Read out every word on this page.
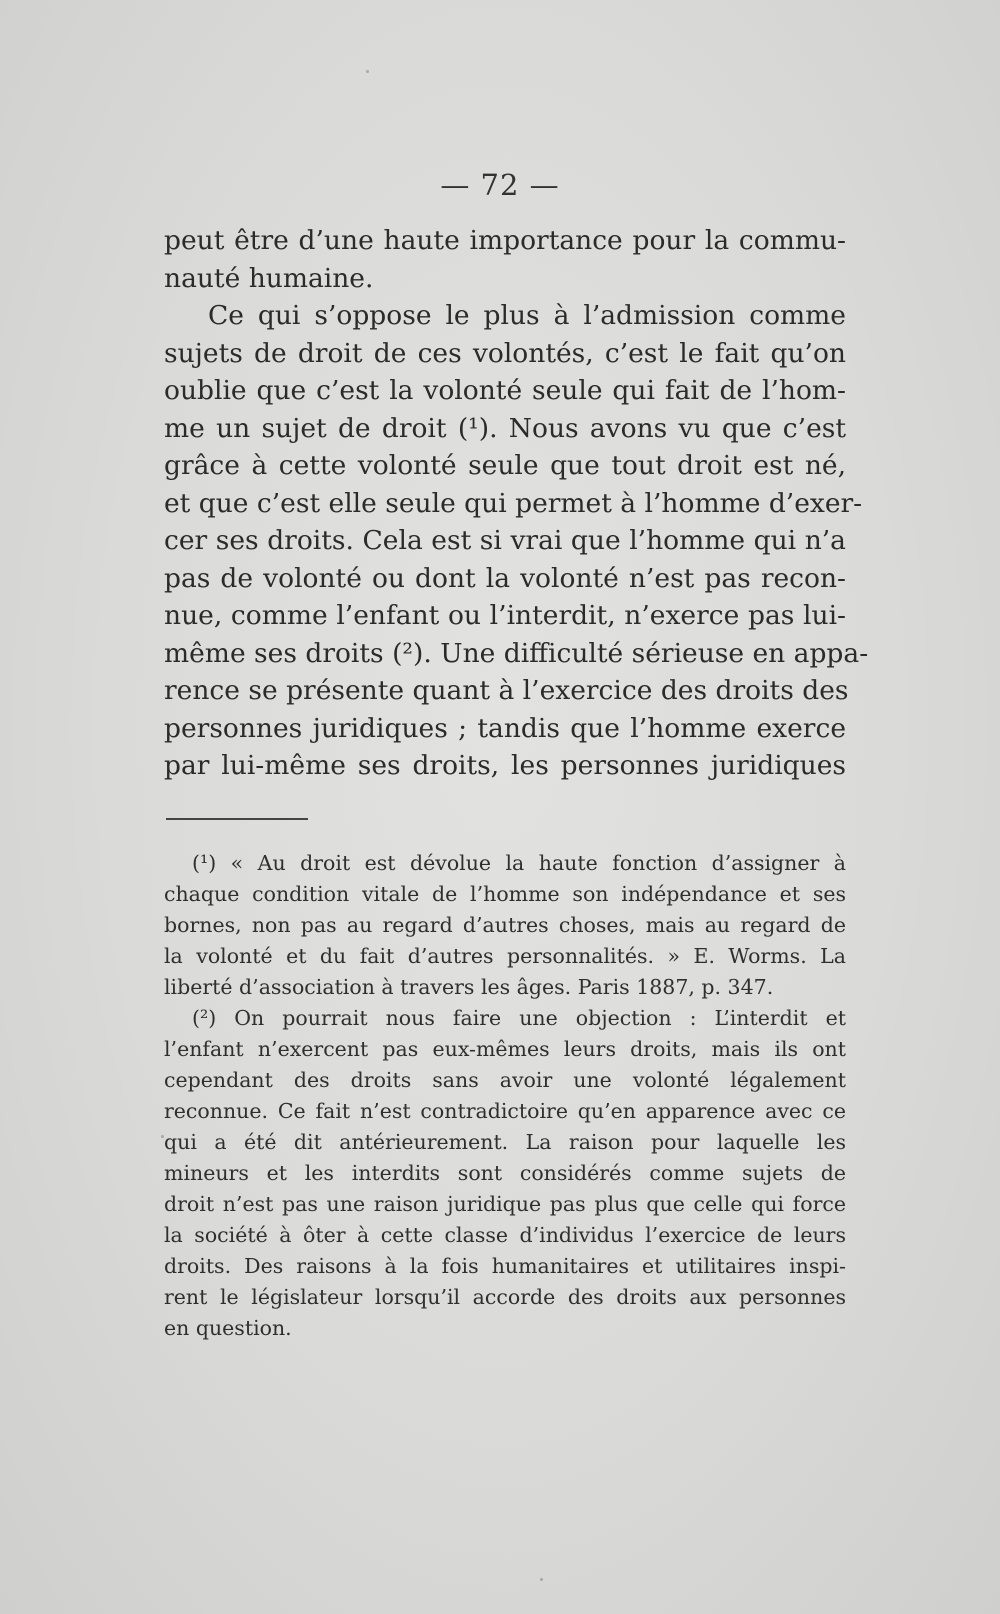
— 72 —
peut être d’une haute importance pour la commu-
nauté humaine.
Ce qui s’oppose le plus à l’admission comme
sujets de droit de ces volontés, c’est le fait qu’on
oublie que c’est la volonté seule qui fait de l’hom-
me un sujet de droit (¹). Nous avons vu que c’est
grâce à cette volonté seule que tout droit est né,
et que c’est elle seule qui permet à l’homme d’exer-
cer ses droits. Cela est si vrai que l’homme qui n’a
pas de volonté ou dont la volonté n’est pas recon-
nue, comme l’enfant ou l’interdit, n’exerce pas lui-
même ses droits (²). Une difficulté sérieuse en appa-
rence se présente quant à l’exercice des droits des
personnes juridiques ; tandis que l’homme exerce
par lui-même ses droits, les personnes juridiques
(¹) « Au droit est dévolue la haute fonction d’assigner à
chaque condition vitale de l’homme son indépendance et ses
bornes, non pas au regard d’autres choses, mais au regard de
la volonté et du fait d’autres personnalités. » E. Worms. La
liberté d’association à travers les âges. Paris 1887, p. 347.
(²) On pourrait nous faire une objection : L’interdit et
l’enfant n’exercent pas eux-mêmes leurs droits, mais ils ont
cependant des droits sans avoir une volonté légalement
reconnue. Ce fait n’est contradictoire qu’en apparence avec ce
qui a été dit antérieurement. La raison pour laquelle les
mineurs et les interdits sont considérés comme sujets de
droit n’est pas une raison juridique pas plus que celle qui force
la société à ôter à cette classe d’individus l’exercice de leurs
droits. Des raisons à la fois humanitaires et utilitaires inspi-
rent le législateur lorsqu’il accorde des droits aux personnes
en question.
